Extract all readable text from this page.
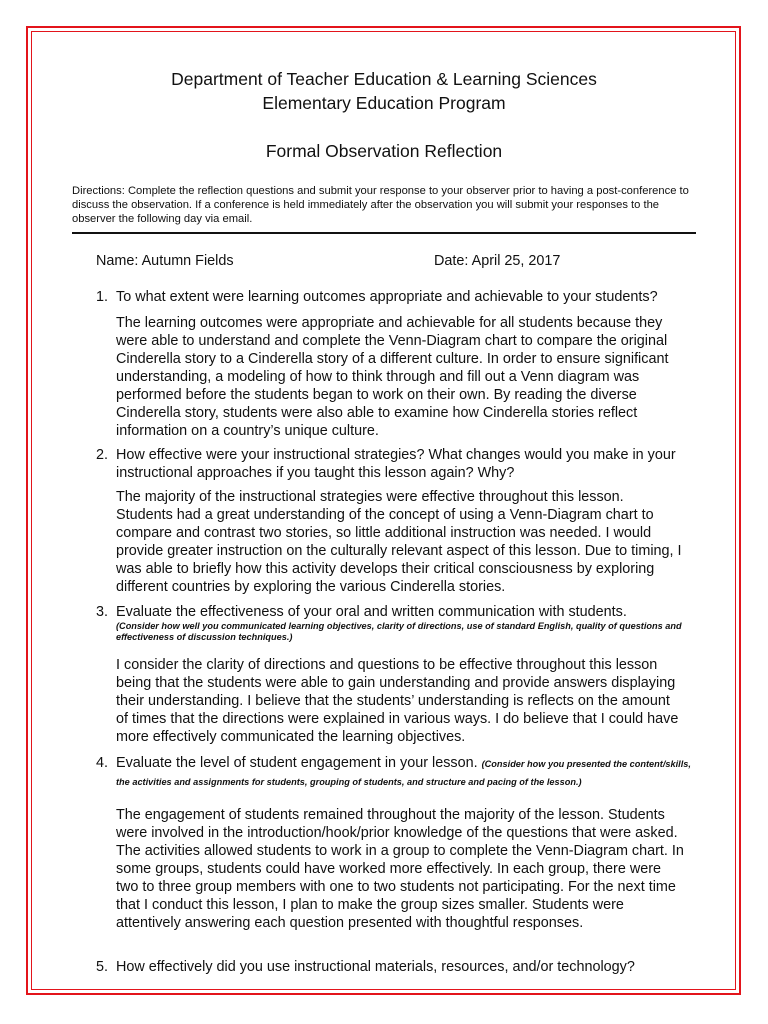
Department of Teacher Education & Learning Sciences
Elementary Education Program
Formal Observation Reflection
Directions: Complete the reflection questions and submit your response to your observer prior to having a post-conference to discuss the observation. If a conference is held immediately after the observation you will submit your responses to the observer the following day via email.
Name: Autumn Fields	Date: April 25, 2017
1. To what extent were learning outcomes appropriate and achievable to your students?
The learning outcomes were appropriate and achievable for all students because they were able to understand and complete the Venn-Diagram chart to compare the original Cinderella story to a Cinderella story of a different culture. In order to ensure significant understanding, a modeling of how to think through and fill out a Venn diagram was performed before the students began to work on their own. By reading the diverse Cinderella story, students were also able to examine how Cinderella stories reflect information on a country’s unique culture.
2. How effective were your instructional strategies? What changes would you make in your instructional approaches if you taught this lesson again? Why?
The majority of the instructional strategies were effective throughout this lesson. Students had a great understanding of the concept of using a Venn-Diagram chart to compare and contrast two stories, so little additional instruction was needed. I would provide greater instruction on the culturally relevant aspect of this lesson. Due to timing, I was able to briefly how this activity develops their critical consciousness by exploring different countries by exploring the various Cinderella stories.
3. Evaluate the effectiveness of your oral and written communication with students.
(Consider how well you communicated learning objectives, clarity of directions, use of standard English, quality of questions and effectiveness of discussion techniques.)
I consider the clarity of directions and questions to be effective throughout this lesson being that the students were able to gain understanding and provide answers displaying their understanding. I believe that the students’ understanding is reflects on the amount of times that the directions were explained in various ways. I do believe that I could have more effectively communicated the learning objectives.
4. Evaluate the level of student engagement in your lesson. (Consider how you presented the content/skills, the activities and assignments for students, grouping of students, and structure and pacing of the lesson.)
The engagement of students remained throughout the majority of the lesson. Students were involved in the introduction/hook/prior knowledge of the questions that were asked. The activities allowed students to work in a group to complete the Venn-Diagram chart. In some groups, students could have worked more effectively. In each group, there were two to three group members with one to two students not participating. For the next time that I conduct this lesson, I plan to make the group sizes smaller. Students were attentively answering each question presented with thoughtful responses.
5. How effectively did you use instructional materials, resources, and/or technology?
